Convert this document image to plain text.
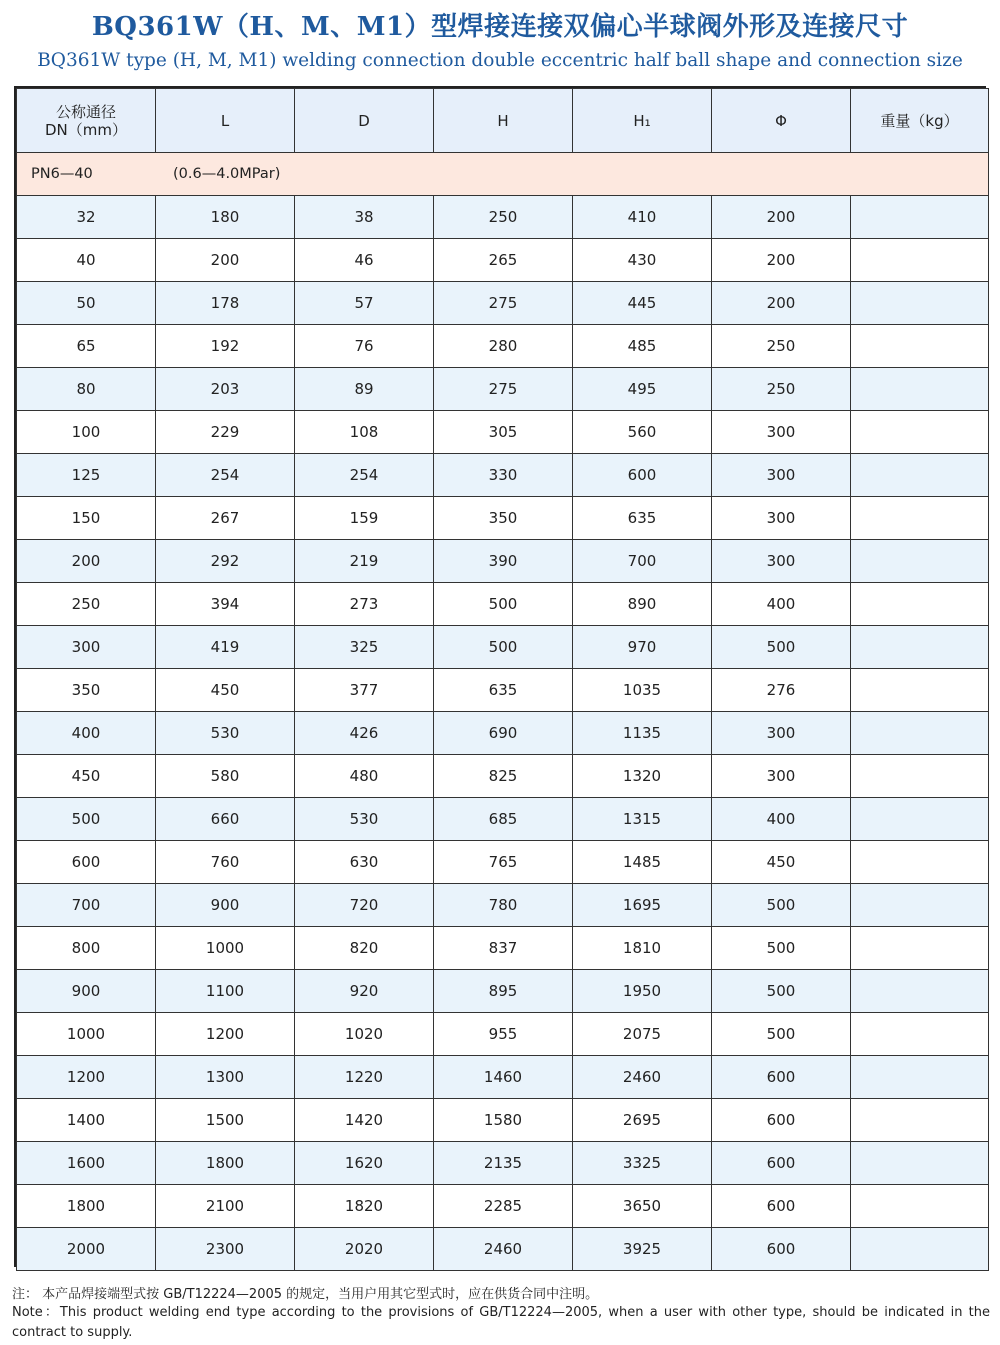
BQ361W（H、M、M1）型焊接连接双偏心半球阀外形及连接尺寸
BQ361W type (H, M, M1) welding connection double eccentric half ball shape and connection size
公称通径
DN（mm）	L	D	H	H₁	Φ	重量（kg）
PN6—40 (0.6—4.0MPar)						
32	180	38	250	410	200	
40	200	46	265	430	200	
50	178	57	275	445	200	
65	192	76	280	485	250	
80	203	89	275	495	250	
100	229	108	305	560	300	
125	254	254	330	600	300	
150	267	159	350	635	300	
200	292	219	390	700	300	
250	394	273	500	890	400	
300	419	325	500	970	500	
350	450	377	635	1035	276	
400	530	426	690	1135	300	
450	580	480	825	1320	300	
500	660	530	685	1315	400	
600	760	630	765	1485	450	
700	900	720	780	1695	500	
800	1000	820	837	1810	500	
900	1100	920	895	1950	500	
1000	1200	1020	955	2075	500	
1200	1300	1220	1460	2460	600	
1400	1500	1420	1580	2695	600	
1600	1800	1620	2135	3325	600	
1800	2100	1820	2285	3650	600	
2000	2300	2020	2460	3925	600	
注： 本产品焊接端型式按 GB/T12224—2005 的规定，当用户用其它型式时，应在供货合同中注明。
Note：This product welding end type according to the provisions of GB/T12224—2005, when a user with other type, should be indicated in the contract to supply.
